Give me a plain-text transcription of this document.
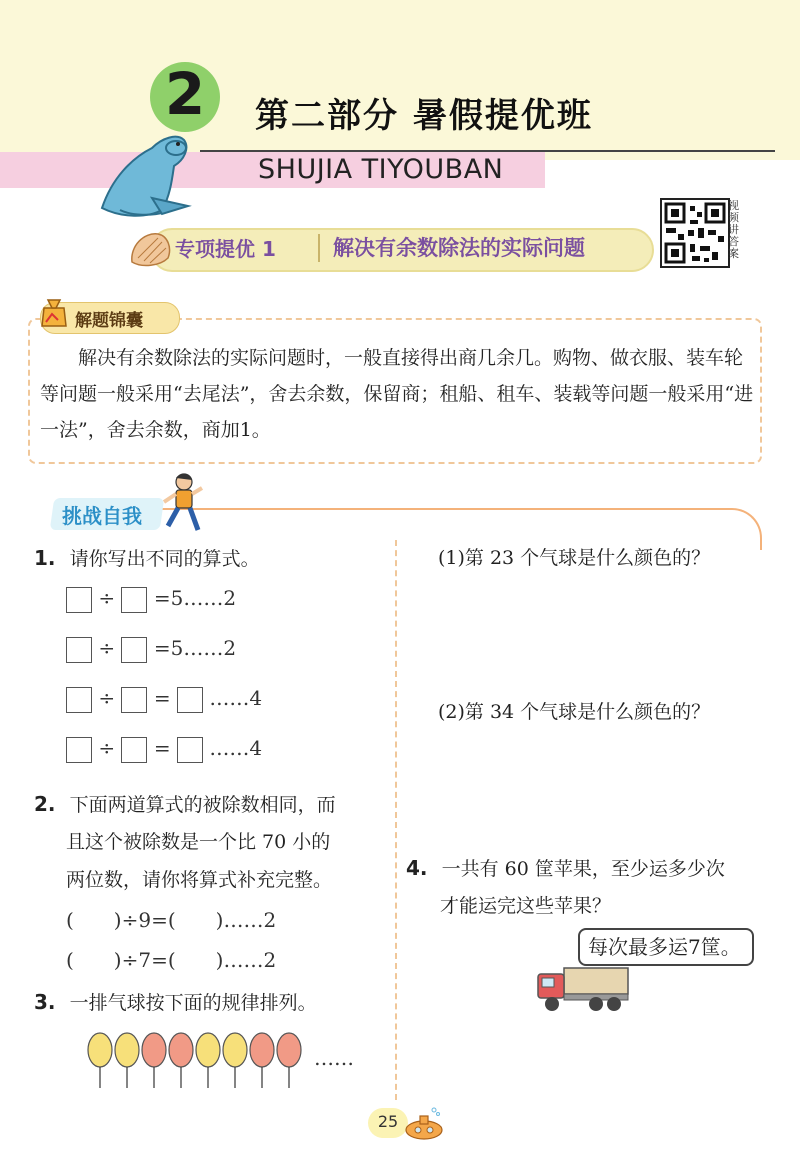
2	第二部分 暑假提优班
SHUJIA TIYOUBAN
专项提优 1	解决有余数除法的实际问题
视频讲答案
解题锦囊
解决有余数除法的实际问题时，一般直接得出商几余几。购物、做衣服、装车轮等问题一般采用“去尾法”，舍去余数，保留商；租船、租车、装载等问题一般采用“进一法”，舍去余数，商加1。
挑战自我
1. 请你写出不同的算式。
÷ =5……2
÷ =5……2
÷ = ……4
÷ = ……4
2. 下面两道算式的被除数相同，而
且这个被除数是一个比 70 小的
两位数，请你将算式补充完整。
(　　)÷9=(　　)……2
(　　)÷7=(　　)……2
3. 一排气球按下面的规律排列。
……
(1)第 23 个气球是什么颜色的？
(2)第 34 个气球是什么颜色的？
4. 一共有 60 筐苹果，至少运多少次
才能运完这些苹果？
每次最多运7筐。
25
